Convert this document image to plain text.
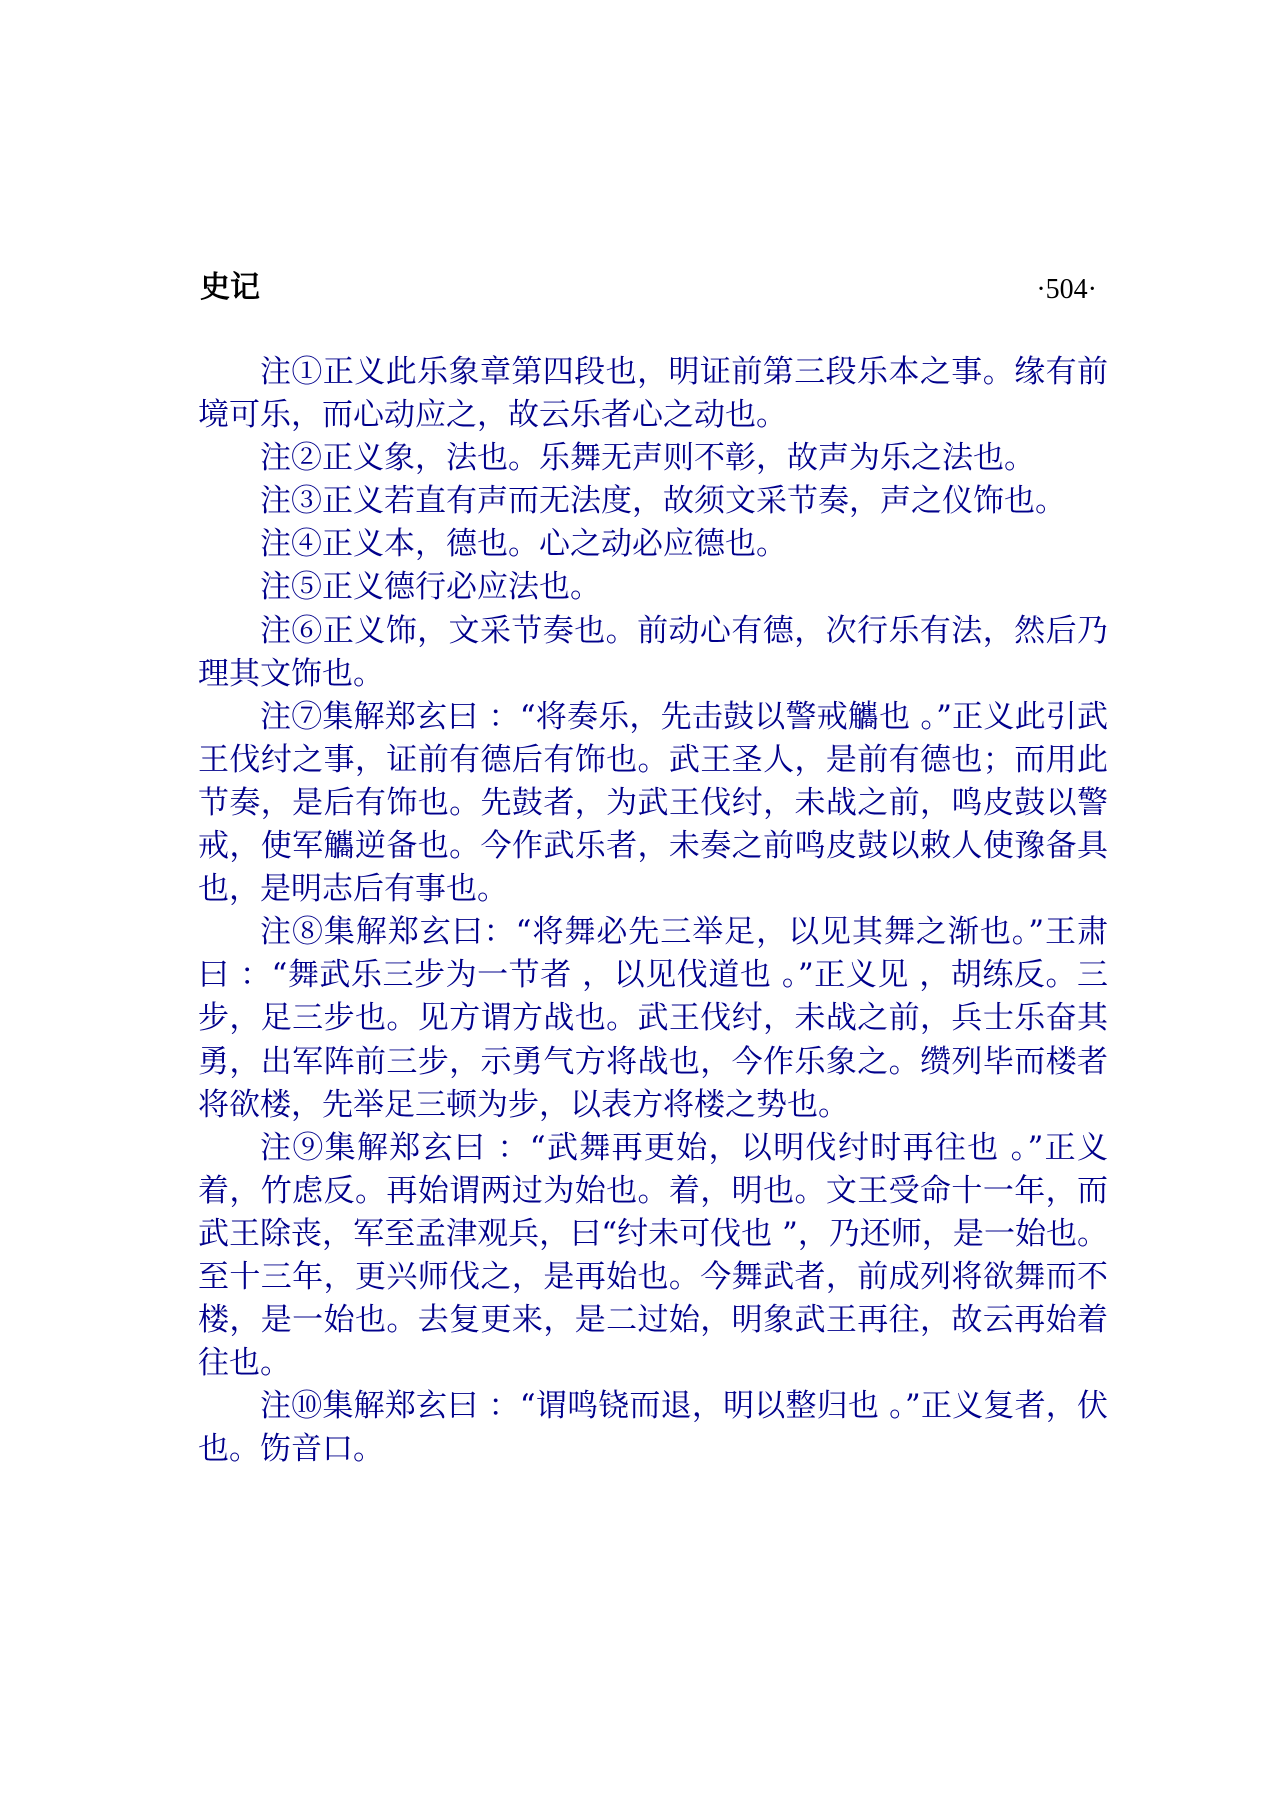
史记	·504·

注①正义此乐象章第四段也，明证前第三段乐本之事。缘有前境可乐，而心动应之，故云乐者心之动也。

注②正义象，法也。乐舞无声则不彰，故声为乐之法也。

注③正义若直有声而无法度，故须文采节奏，声之仪饰也。

注④正义本，德也。心之动必应德也。

注⑤正义德行必应法也。

注⑥正义饰，文采节奏也。前动心有德，次行乐有法，然后乃理其文饰也。

注⑦集解郑玄曰 ：“将奏乐，先击鼓以警戒觿也 。”正义此引武王伐纣之事，证前有德后有饰也。武王圣人，是前有德也；而用此节奏，是后有饰也。先鼓者，为武王伐纣，未战之前，鸣皮鼓以警戒，使军觿逆备也。今作武乐者，未奏之前鸣皮鼓以敕人使豫备具也，是明志后有事也。

注⑧集解郑玄曰：“将舞必先三举足，以见其舞之渐也。”王肃曰 ：“舞武乐三步为一节者 ，以见伐道也 。”正义见 ，胡练反。三步，足三步也。见方谓方战也。武王伐纣，未战之前，兵士乐奋其勇，出军阵前三步，示勇气方将战也，今作乐象之。缵列毕而楼者将欲楼，先举足三顿为步，以表方将楼之势也。

注⑨集解郑玄曰 ：“武舞再更始，以明伐纣时再往也 。”正义着，竹虑反。再始谓两过为始也。着，明也。文王受命十一年，而武王除丧，军至孟津观兵，曰“纣未可伐也 ”，乃还师，是一始也。至十三年，更兴师伐之，是再始也。今舞武者，前成列将欲舞而不楼，是一始也。去复更来，是二过始，明象武王再往，故云再始着往也。

注⑩集解郑玄曰 ：“谓鸣铙而退，明以整归也 。”正义复者，伏也。饬音口。
